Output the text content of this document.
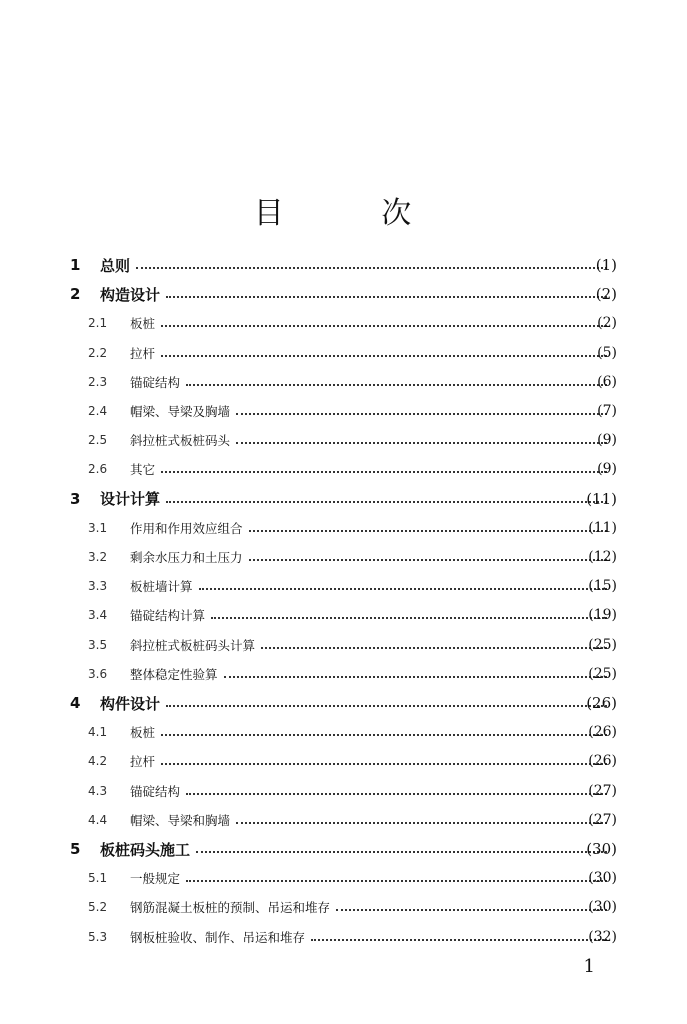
目 次
1	总则	(1)
2	构造设计	(2)
2.1	板桩	(2)
2.2	拉杆	(5)
2.3	锚碇结构	(6)
2.4	帽梁、导梁及胸墙	(7)
2.5	斜拉桩式板桩码头	(9)
2.6	其它	(9)
3	设计计算	(11)
3.1	作用和作用效应组合	(11)
3.2	剩余水压力和土压力	(12)
3.3	板桩墙计算	(15)
3.4	锚碇结构计算	(19)
3.5	斜拉桩式板桩码头计算	(25)
3.6	整体稳定性验算	(25)
4	构件设计	(26)
4.1	板桩	(26)
4.2	拉杆	(26)
4.3	锚碇结构	(27)
4.4	帽梁、导梁和胸墙	(27)
5	板桩码头施工	(30)
5.1	一般规定	(30)
5.2	钢筋混凝土板桩的预制、吊运和堆存	(30)
5.3	钢板桩验收、制作、吊运和堆存	(32)
1
